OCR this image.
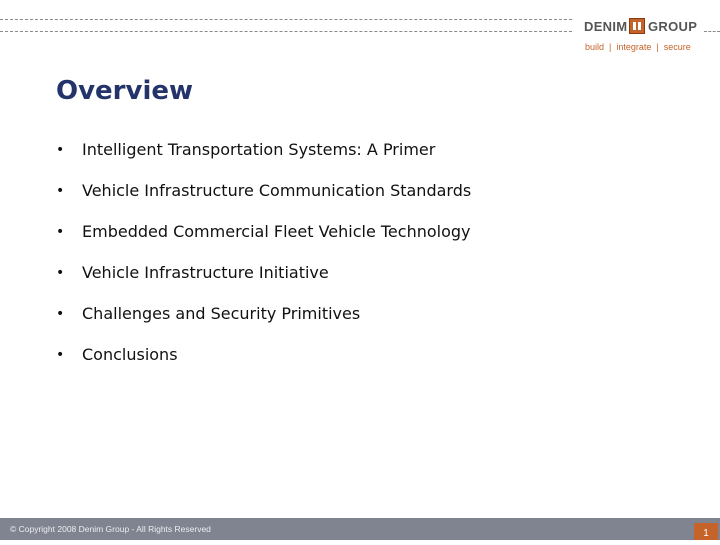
DENIM GROUP
build  |  integrate  |  secure
Overview
•	Intelligent Transportation Systems: A Primer
•	Vehicle Infrastructure Communication Standards
•	Embedded Commercial Fleet Vehicle Technology
•	Vehicle Infrastructure Initiative
•	Challenges and Security Primitives
•	Conclusions
© Copyright 2008 Denim Group - All Rights Reserved	1
